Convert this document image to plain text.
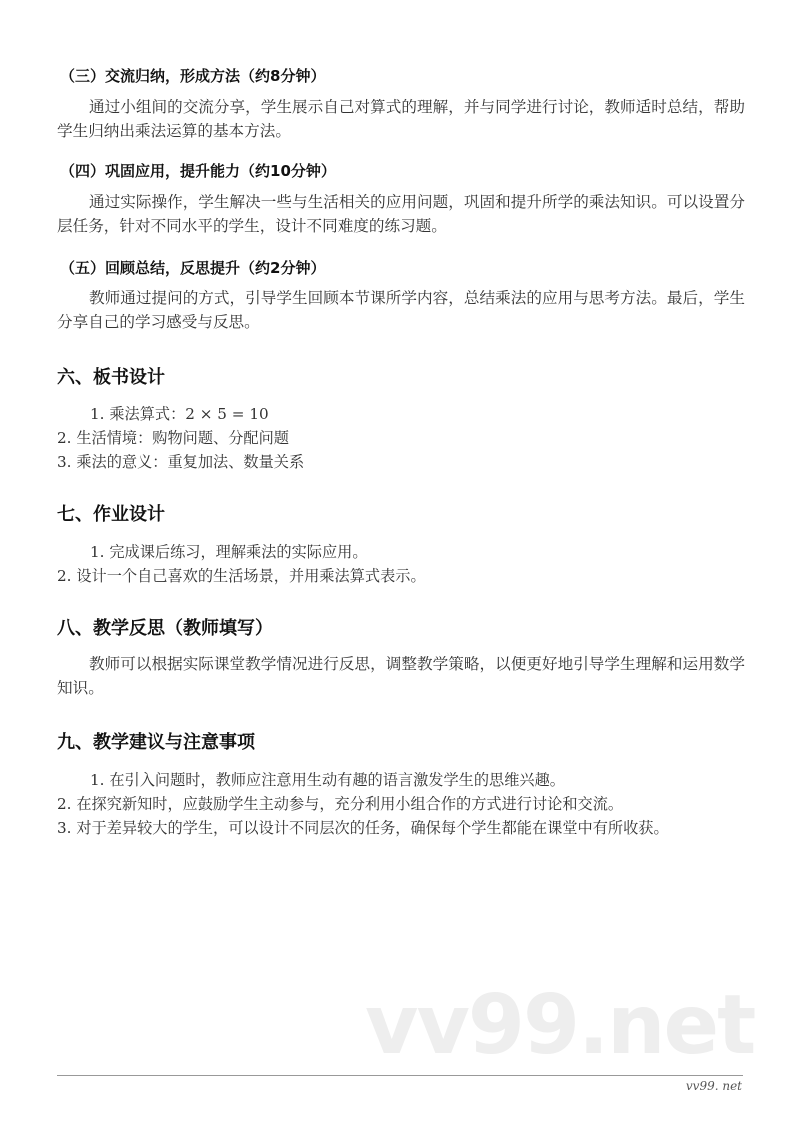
（三）交流归纳，形成方法（约8分钟）
通过小组间的交流分享，学生展示自己对算式的理解，并与同学进行讨论，教师适时总结，帮助学生归纳出乘法运算的基本方法。
（四）巩固应用，提升能力（约10分钟）
通过实际操作，学生解决一些与生活相关的应用问题，巩固和提升所学的乘法知识。可以设置分层任务，针对不同水平的学生，设计不同难度的练习题。
（五）回顾总结，反思提升（约2分钟）
教师通过提问的方式，引导学生回顾本节课所学内容，总结乘法的应用与思考方法。最后，学生分享自己的学习感受与反思。
六、板书设计
1. 乘法算式：2 × 5 = 10
2. 生活情境：购物问题、分配问题
3. 乘法的意义：重复加法、数量关系
七、作业设计
1. 完成课后练习，理解乘法的实际应用。
2. 设计一个自己喜欢的生活场景，并用乘法算式表示。
八、教学反思（教师填写）
教师可以根据实际课堂教学情况进行反思，调整教学策略，以便更好地引导学生理解和运用数学知识。
九、教学建议与注意事项
1. 在引入问题时，教师应注意用生动有趣的语言激发学生的思维兴趣。
2. 在探究新知时，应鼓励学生主动参与，充分利用小组合作的方式进行讨论和交流。
3. 对于差异较大的学生，可以设计不同层次的任务，确保每个学生都能在课堂中有所收获。
vv99.net
vv99. net
